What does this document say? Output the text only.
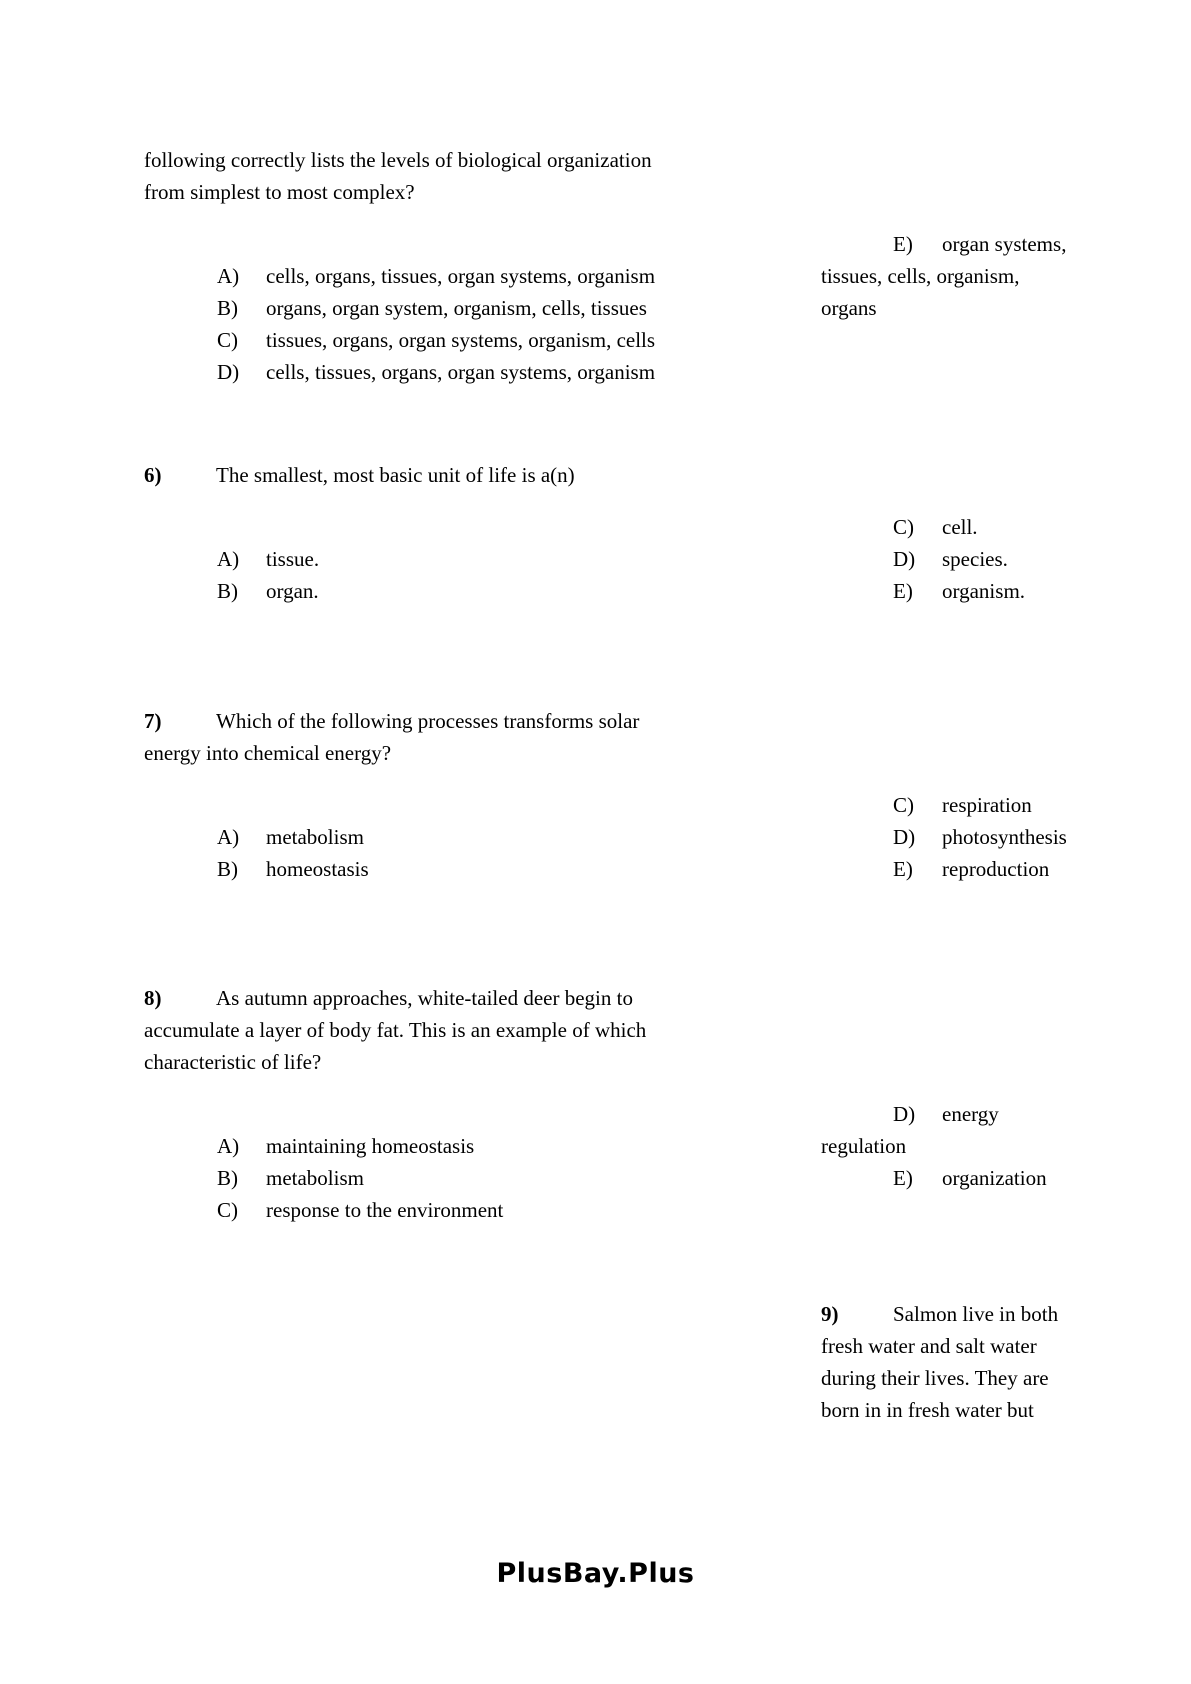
following correctly lists the levels of biological organization
from simplest to most complex?
A) cells, organs, tissues, organ systems, organism
B) organs, organ system, organism, cells, tissues
C) tissues, organs, organ systems, organism, cells
D) cells, tissues, organs, organ systems, organism
E) organ systems,
tissues, cells, organism,
organs
6)	The smallest, most basic unit of life is a(n)
A) tissue.
B) organ.
C) cell.
D) species.
E) organism.
7)	Which of the following processes transforms solar
energy into chemical energy?
A) metabolism
B) homeostasis
C) respiration
D) photosynthesis
E) reproduction
8)	As autumn approaches, white-tailed deer begin to
accumulate a layer of body fat. This is an example of which
characteristic of life?
A) maintaining homeostasis
B) metabolism
C) response to the environment
D) energy
regulation
E) organization
9)	Salmon live in both
fresh water and salt water
during their lives. They are
born in in fresh water but
PlusBay.Plus
